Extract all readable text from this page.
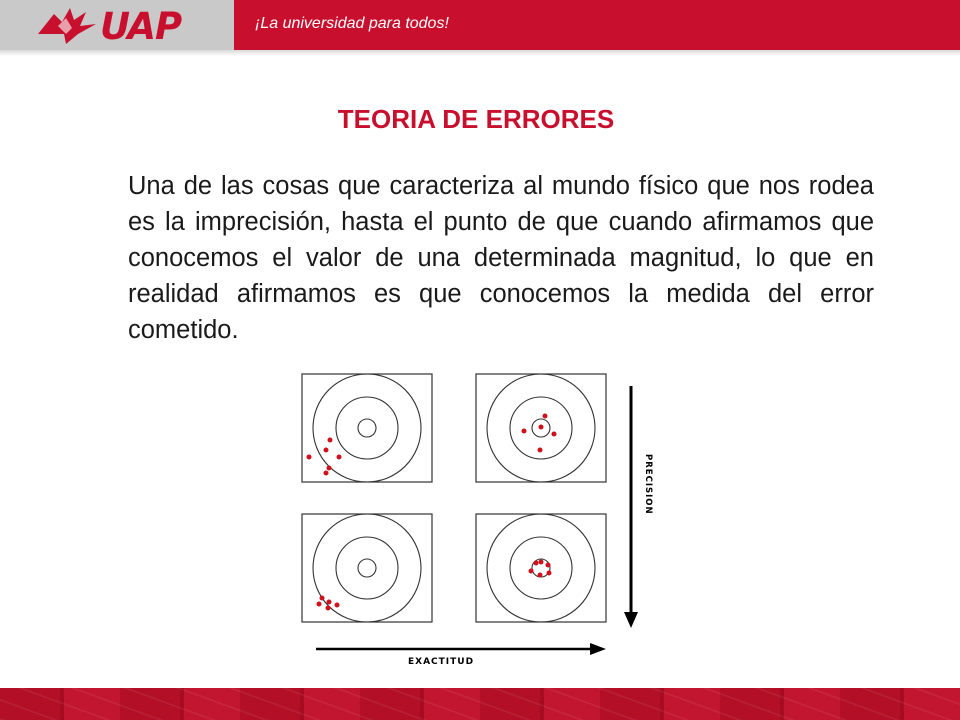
UAP	¡La universidad para todos!
TEORIA DE ERRORES
Una de las cosas que caracteriza al mundo físico que nos rodea es la imprecisión, hasta el punto de que cuando afirmamos que conocemos el valor de una determinada magnitud, lo que en realidad afirmamos es que conocemos la medida del error cometido.
PRECISION
EXACTITUD
